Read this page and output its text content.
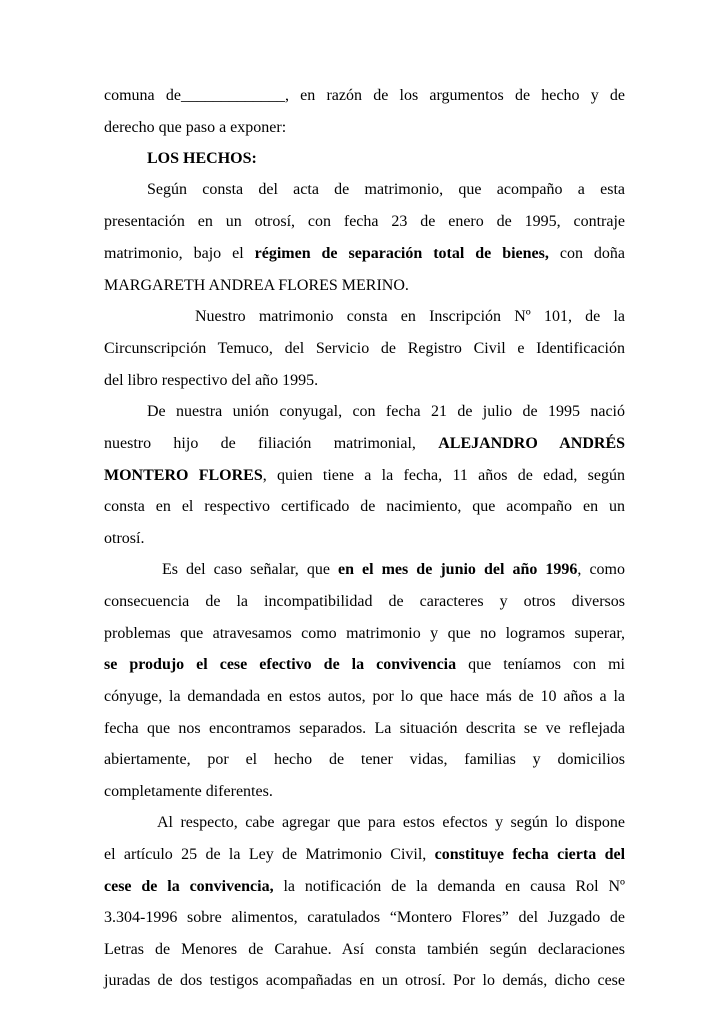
comuna de_____________, en razón de los argumentos de hecho y de
derecho que paso a exponer:
LOS HECHOS:
Según consta del acta de matrimonio, que acompaño a esta
presentación en un otrosí, con fecha 23 de enero de 1995, contraje
matrimonio, bajo el régimen de separación total de bienes, con doña
MARGARETH ANDREA FLORES MERINO.
Nuestro matrimonio consta en Inscripción Nº 101, de la
Circunscripción Temuco, del Servicio de Registro Civil e Identificación
del libro respectivo del año 1995.
De nuestra unión conyugal, con fecha 21 de julio de 1995 nació
nuestro hijo de filiación matrimonial, ALEJANDRO ANDRÉS
MONTERO FLORES, quien tiene a la fecha, 11 años de edad, según
consta en el respectivo certificado de nacimiento, que acompaño en un
otrosí.
Es del caso señalar, que en el mes de junio del año 1996, como
consecuencia de la incompatibilidad de caracteres y otros diversos
problemas que atravesamos como matrimonio y que no logramos superar,
se produjo el cese efectivo de la convivencia que teníamos con mi
cónyuge, la demandada en estos autos, por lo que hace más de 10 años a la
fecha que nos encontramos separados. La situación descrita se ve reflejada
abiertamente, por el hecho de tener vidas, familias y domicilios
completamente diferentes.
Al respecto, cabe agregar que para estos efectos y según lo dispone
el artículo 25 de la Ley de Matrimonio Civil, constituye fecha cierta del
cese de la convivencia, la notificación de la demanda en causa Rol Nº
3.304-1996 sobre alimentos, caratulados “Montero Flores” del Juzgado de
Letras de Menores de Carahue. Así consta también según declaraciones
juradas de dos testigos acompañadas en un otrosí. Por lo demás, dicho cese
